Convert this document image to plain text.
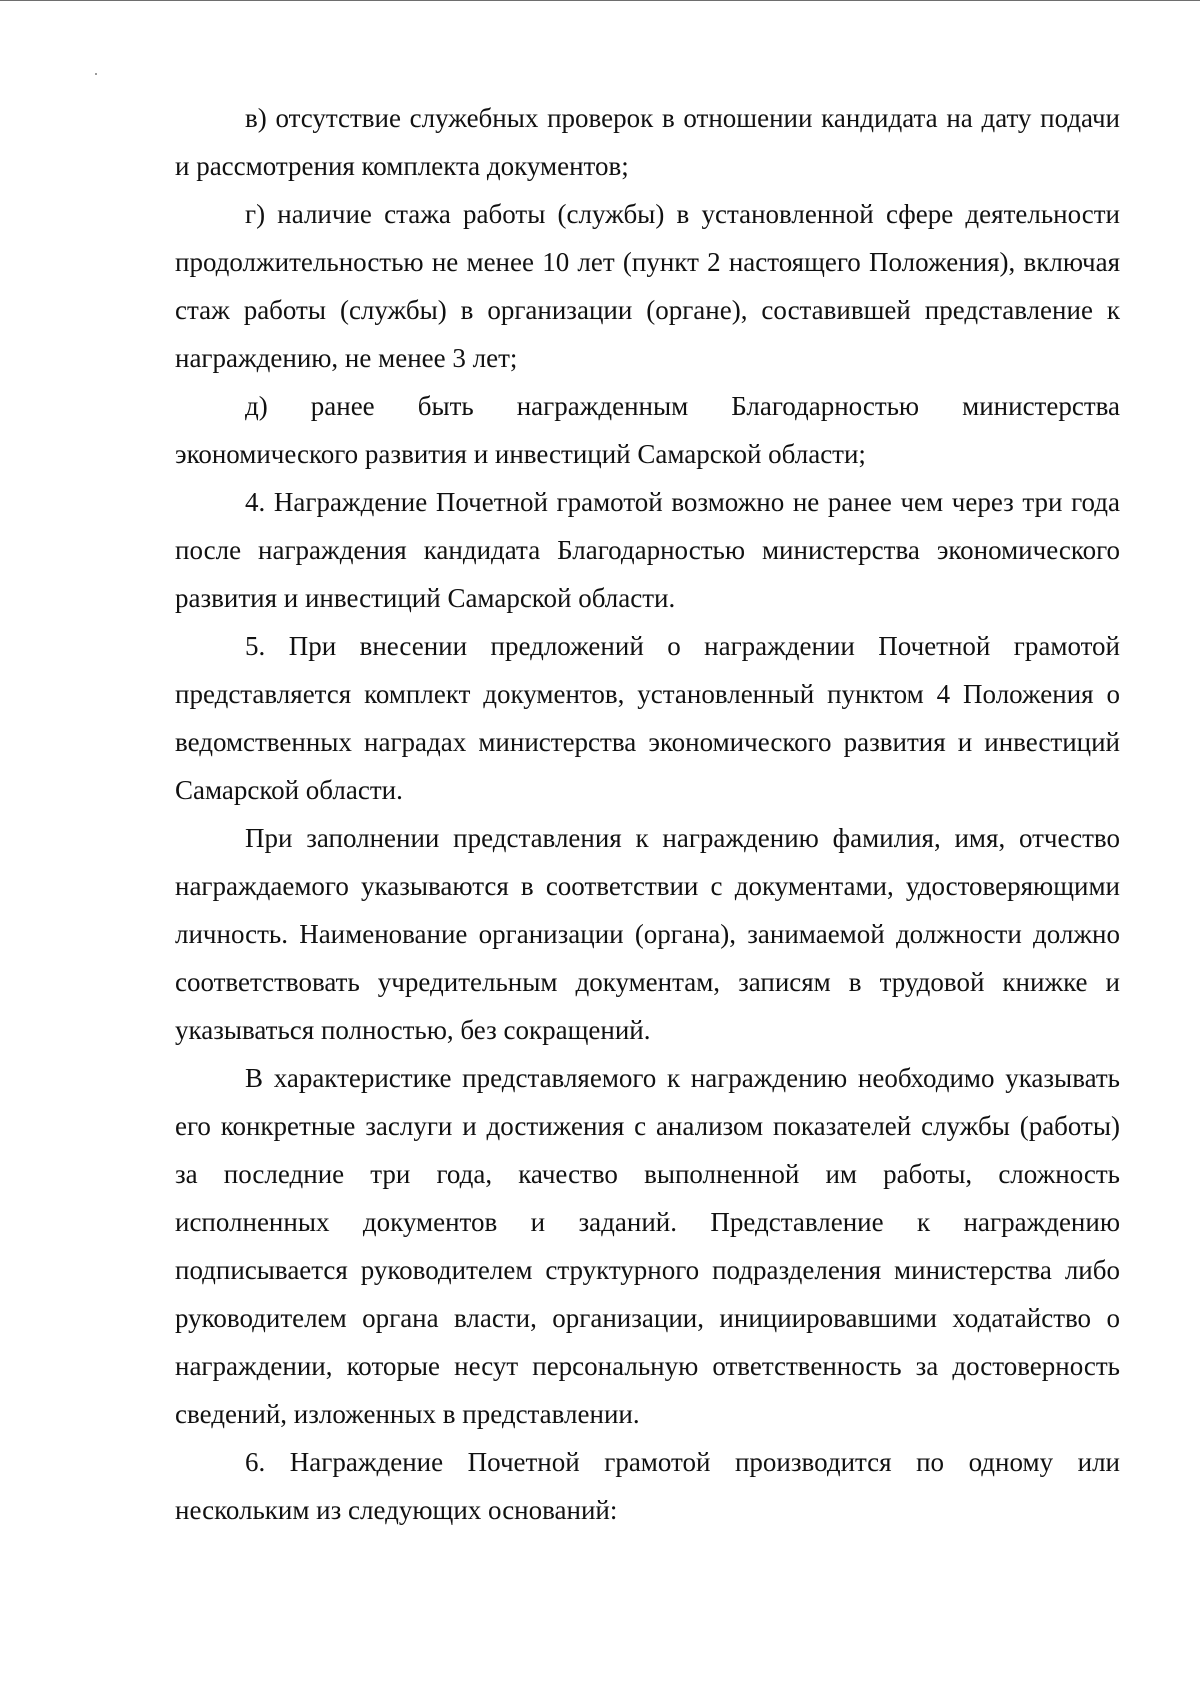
в) отсутствие служебных проверок в отношении кандидата на дату подачи и рассмотрения комплекта документов;

г) наличие стажа работы (службы) в установленной сфере деятельности продолжительностью не менее 10 лет (пункт 2 настоящего Положения), включая стаж работы (службы) в организации (органе), составившей представление к награждению, не менее 3 лет;

д) ранее быть награжденным Благодарностью министерства экономического развития и инвестиций Самарской области;

4. Награждение Почетной грамотой возможно не ранее чем через три года после награждения кандидата Благодарностью министерства экономического развития и инвестиций Самарской области.

5. При внесении предложений о награждении Почетной грамотой представляется комплект документов, установленный пунктом 4 Положения о ведомственных наградах министерства экономического развития и инвестиций Самарской области.

При заполнении представления к награждению фамилия, имя, отчество награждаемого указываются в соответствии с документами, удостоверяющими личность. Наименование организации (органа), занимаемой должности должно соответствовать учредительным документам, записям в трудовой книжке и указываться полностью, без сокращений.

В характеристике представляемого к награждению необходимо указывать его конкретные заслуги и достижения с анализом показателей службы (работы) за последние три года, качество выполненной им работы, сложность исполненных документов и заданий. Представление к награждению подписывается руководителем структурного подразделения министерства либо руководителем органа власти, организации, инициировавшими ходатайство о награждении, которые несут персональную ответственность за достоверность сведений, изложенных в представлении.

6. Награждение Почетной грамотой производится по одному или нескольким из следующих оснований:
